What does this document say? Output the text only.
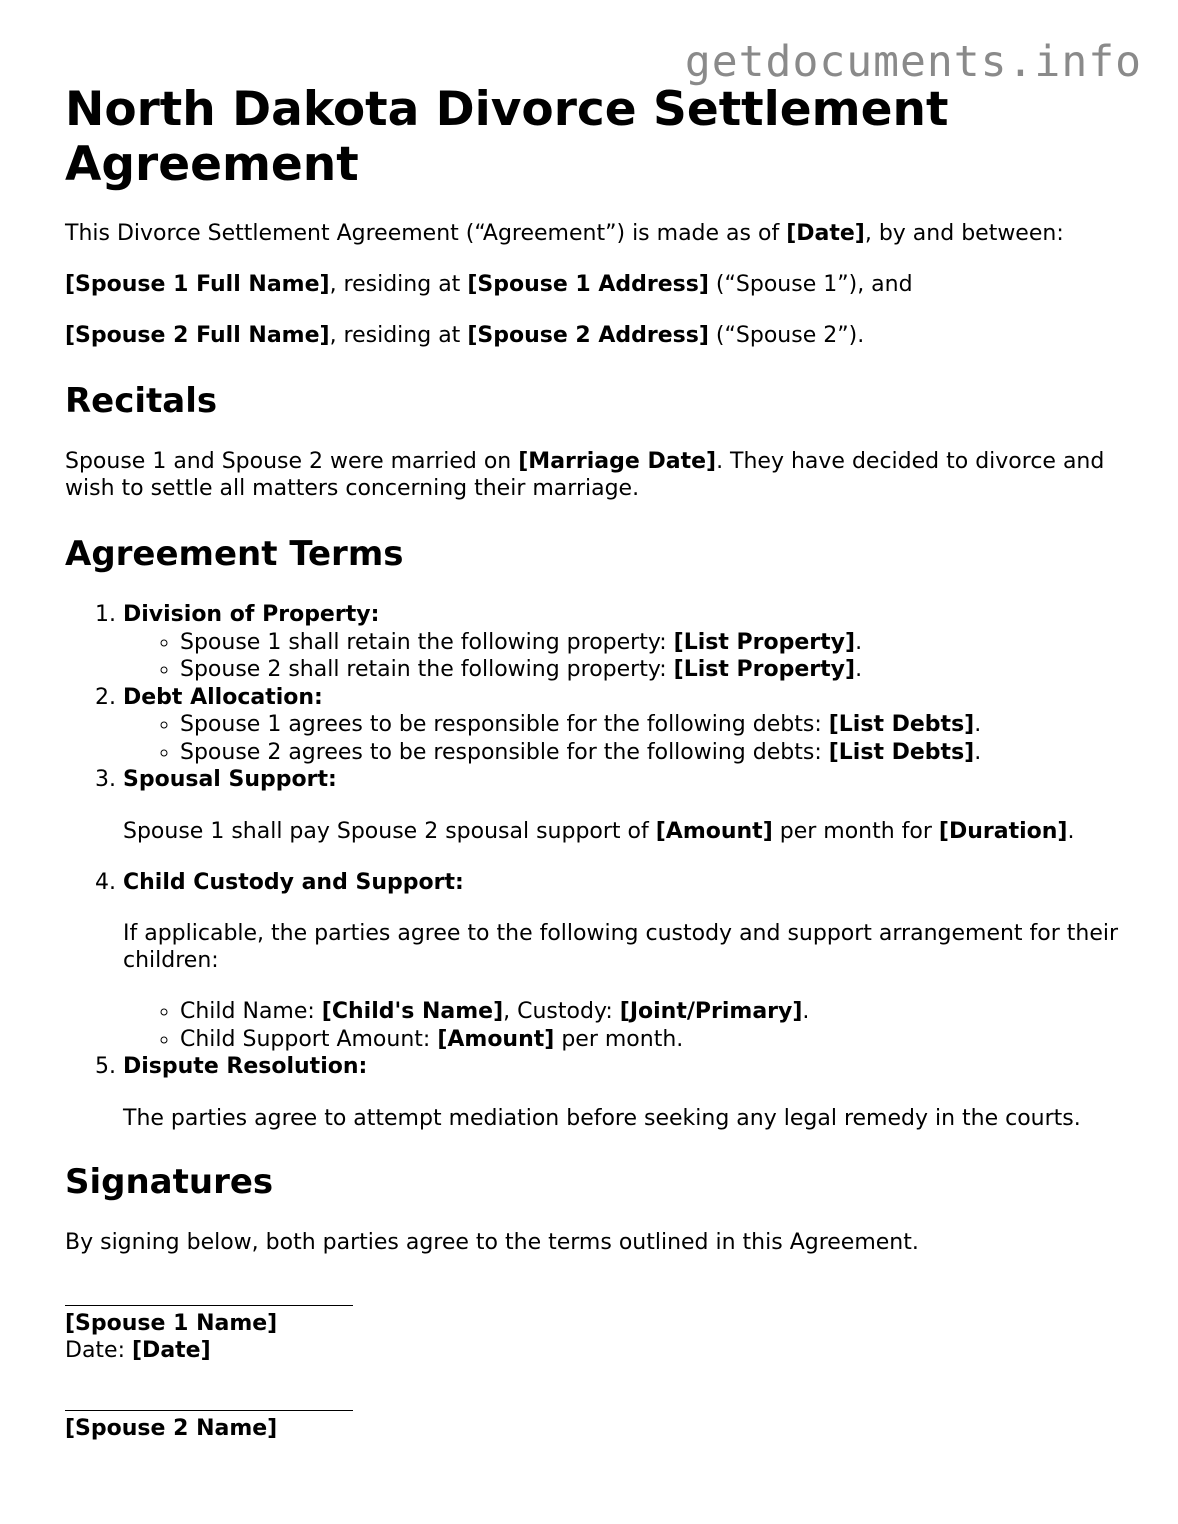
getdocuments.info
North Dakota Divorce Settlement Agreement

This Divorce Settlement Agreement (“Agreement”) is made as of [Date], by and between:

[Spouse 1 Full Name], residing at [Spouse 1 Address] (“Spouse 1”), and

[Spouse 2 Full Name], residing at [Spouse 2 Address] (“Spouse 2”).

Recitals

Spouse 1 and Spouse 2 were married on [Marriage Date]. They have decided to divorce and wish to settle all matters concerning their marriage.

Agreement Terms
1. Division of Property:
◦ Spouse 1 shall retain the following property: [List Property].
◦ Spouse 2 shall retain the following property: [List Property].
2. Debt Allocation:
◦ Spouse 1 agrees to be responsible for the following debts: [List Debts].
◦ Spouse 2 agrees to be responsible for the following debts: [List Debts].
3. Spousal Support:

Spouse 1 shall pay Spouse 2 spousal support of [Amount] per month for [Duration].

4. Child Custody and Support:

If applicable, the parties agree to the following custody and support arrangement for their children:

◦ Child Name: [Child's Name], Custody: [Joint/Primary].
◦ Child Support Amount: [Amount] per month.
5. Dispute Resolution:

The parties agree to attempt mediation before seeking any legal remedy in the courts.

Signatures

By signing below, both parties agree to the terms outlined in this Agreement.

[Spouse 1 Name]
Date: [Date]
[Spouse 2 Name]
